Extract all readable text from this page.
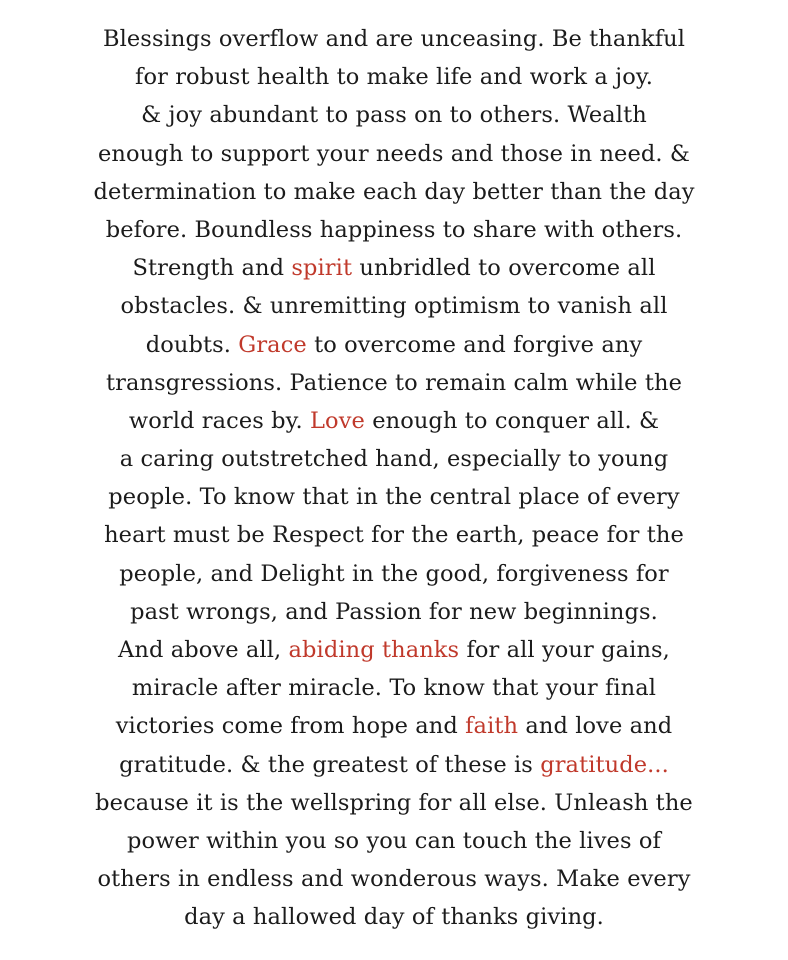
Blessings overflow and are unceasing. Be thankful
for robust health to make life and work a joy.
& joy abundant to pass on to others. Wealth
enough to support your needs and those in need. &
determination to make each day better than the day
before. Boundless happiness to share with others.
Strength and spirit unbridled to overcome all
obstacles. & unremitting optimism to vanish all
doubts. Grace to overcome and forgive any
transgressions. Patience to remain calm while the
world races by. Love enough to conquer all. &
a caring outstretched hand, especially to young
people. To know that in the central place of every
heart must be Respect for the earth, peace for the
people, and Delight in the good, forgiveness for
past wrongs, and Passion for new beginnings.
And above all, abiding thanks for all your gains,
miracle after miracle. To know that your final
victories come from hope and faith and love and
gratitude. & the greatest of these is gratitude...
because it is the wellspring for all else. Unleash the
power within you so you can touch the lives of
others in endless and wonderous ways. Make every
day a hallowed day of thanks giving.
